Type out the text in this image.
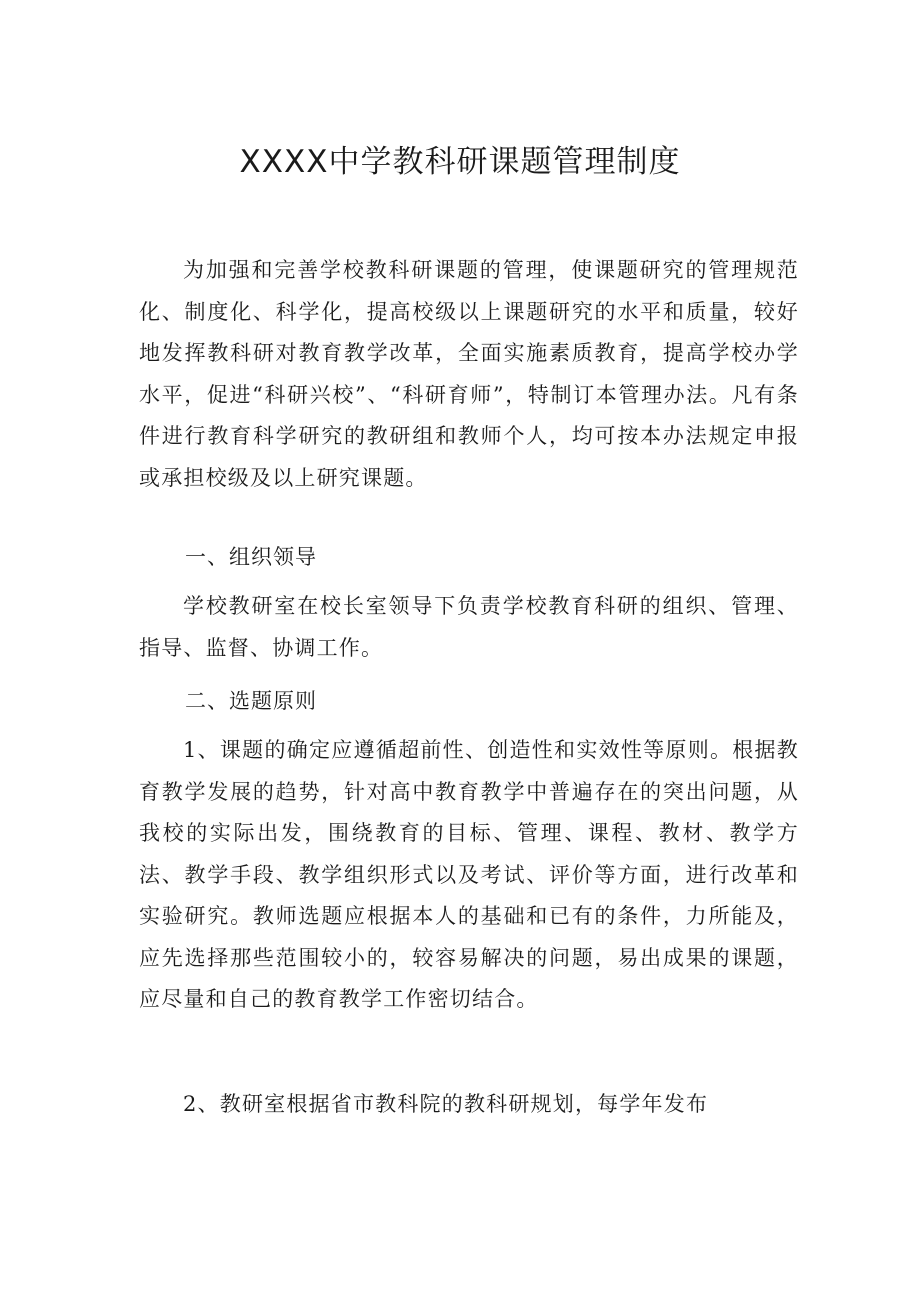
XXXX中学教科研课题管理制度

为加强和完善学校教科研课题的管理，使课题研究的管理规范化、制度化、科学化，提高校级以上课题研究的水平和质量，较好地发挥教科研对教育教学改革，全面实施素质教育，提高学校办学水平，促进“科研兴校”、“科研育师”，特制订本管理办法。凡有条件进行教育科学研究的教研组和教师个人，均可按本办法规定申报或承担校级及以上研究课题。

一、组织领导

学校教研室在校长室领导下负责学校教育科研的组织、管理、指导、监督、协调工作。

二、选题原则

1、课题的确定应遵循超前性、创造性和实效性等原则。根据教育教学发展的趋势，针对高中教育教学中普遍存在的突出问题，从我校的实际出发，围绕教育的目标、管理、课程、教材、教学方法、教学手段、教学组织形式以及考试、评价等方面，进行改革和实验研究。教师选题应根据本人的基础和已有的条件，力所能及，应先选择那些范围较小的，较容易解决的问题，易出成果的课题，应尽量和自己的教育教学工作密切结合。

2、教研室根据省市教科院的教科研规划，每学年发布
